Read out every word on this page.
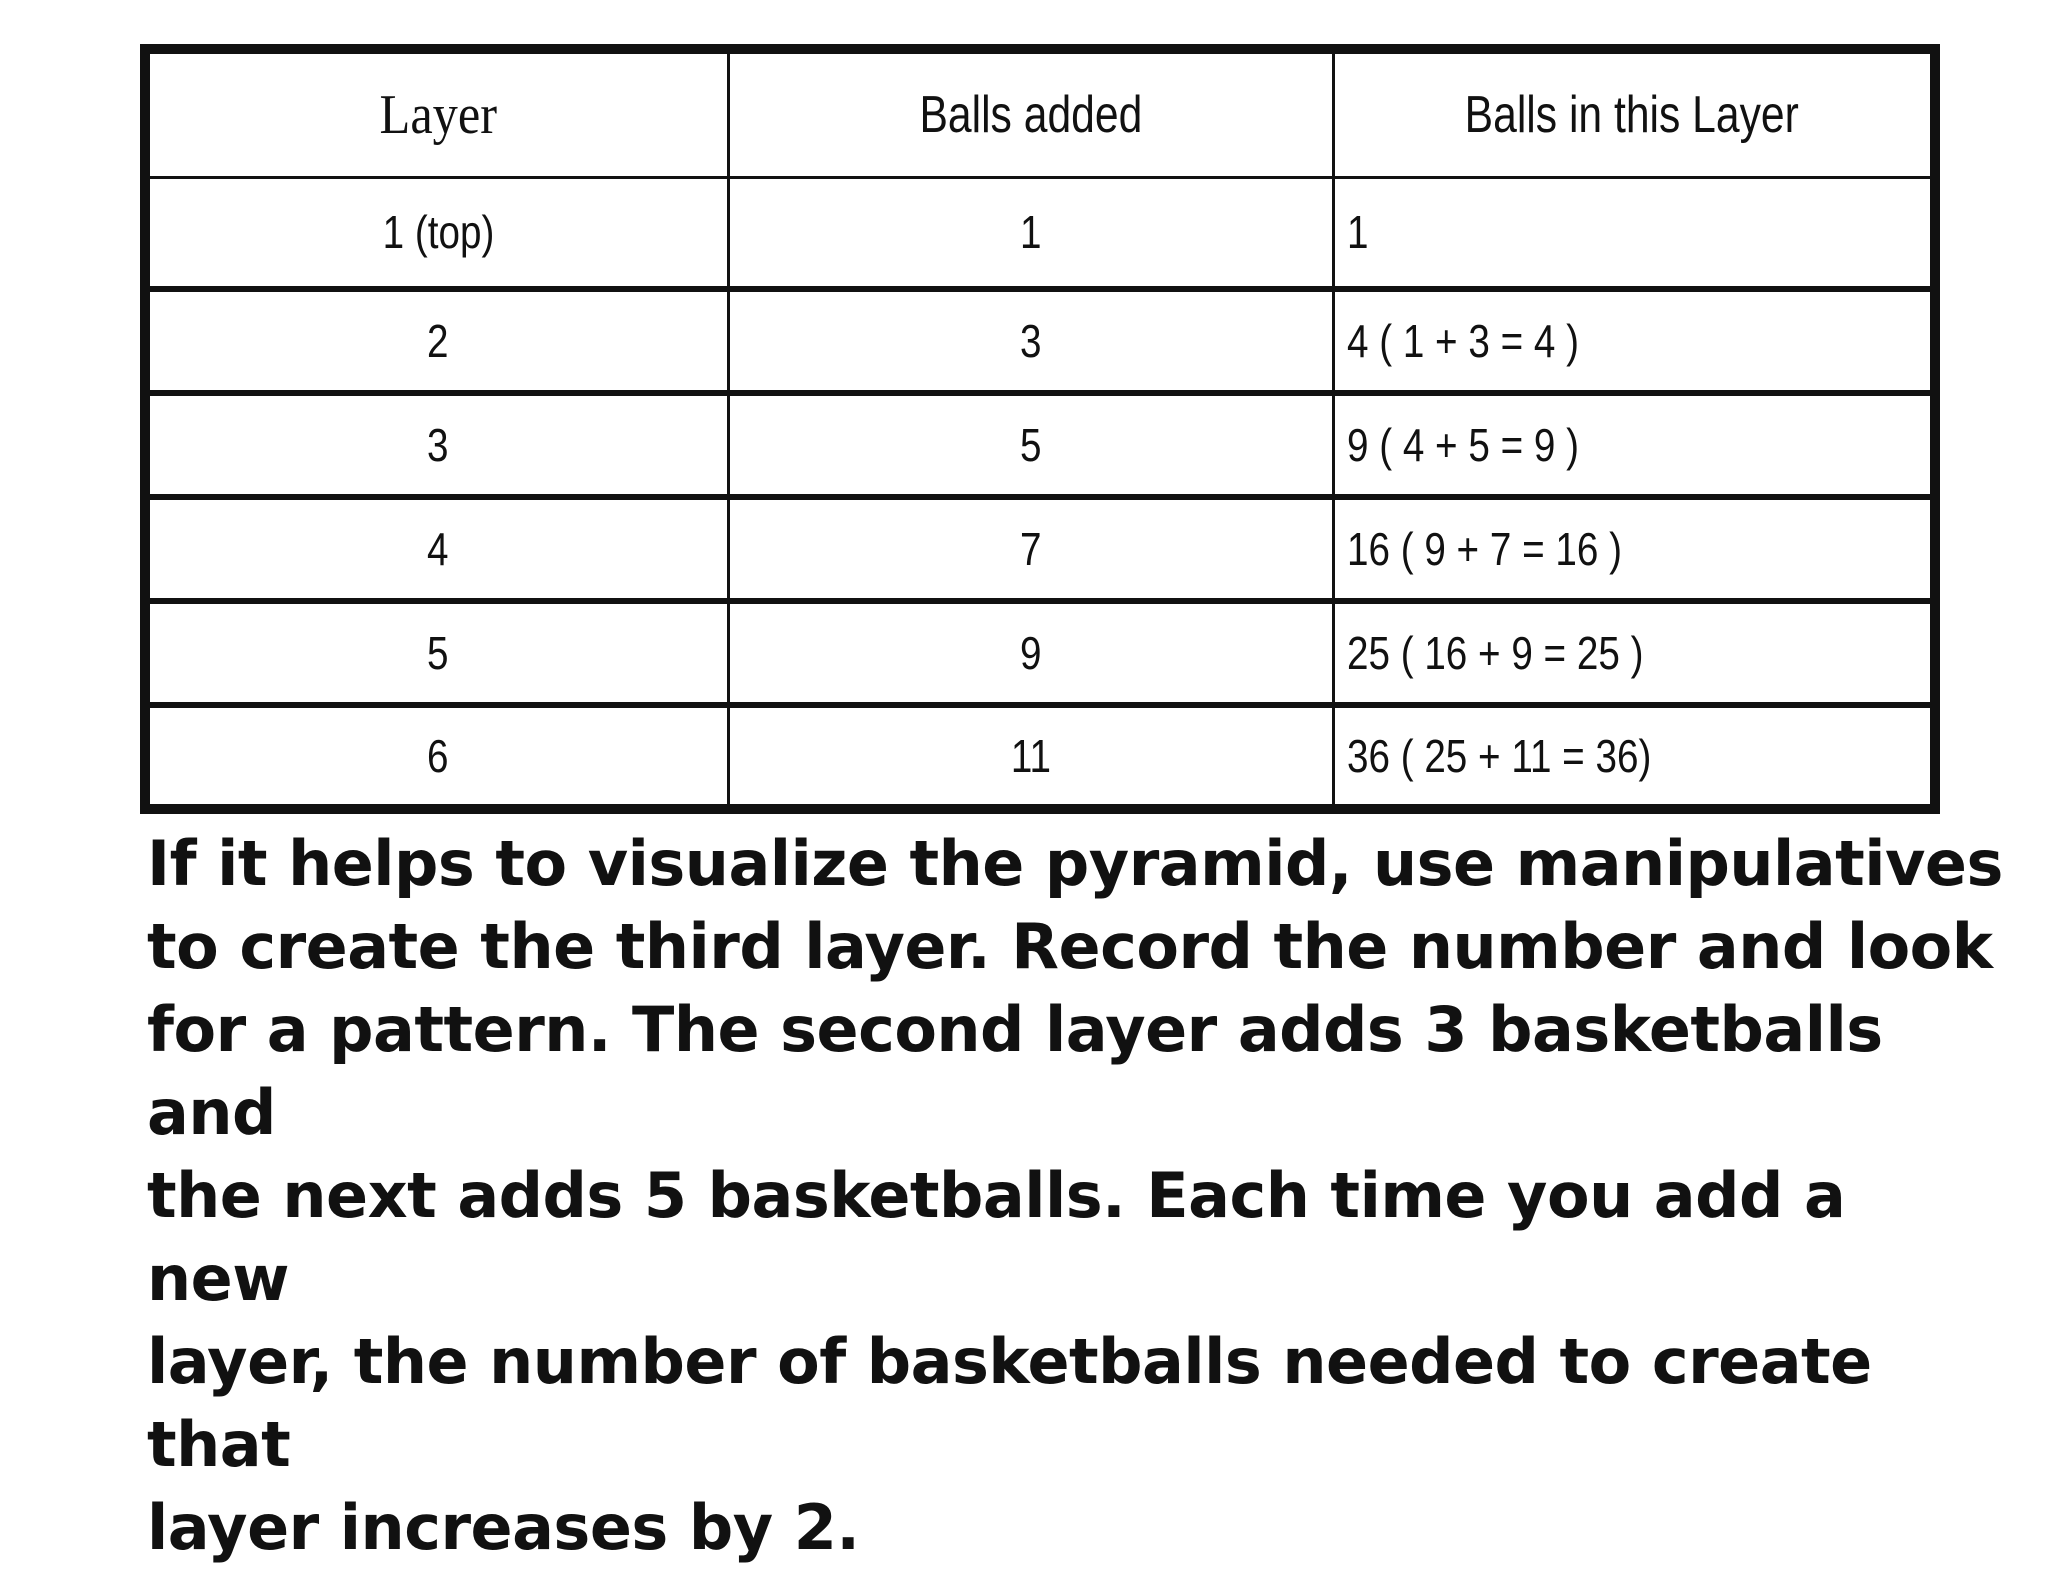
Layer	Balls added	Balls in this Layer
1 (top)	1	1
2	3	4 ( 1 + 3 = 4 )
3	5	9 ( 4 + 5 = 9 )
4	7	16 ( 9 + 7 = 16 )
5	9	25 ( 16 + 9 = 25 )
6	11	36 ( 25 + 11 = 36)

If it helps to visualize the pyramid, use manipulatives
to create the third layer. Record the number and look
for a pattern. The second layer adds 3 basketballs and
the next adds 5 basketballs. Each time you add a new
layer, the number of basketballs needed to create that
layer increases by 2.
